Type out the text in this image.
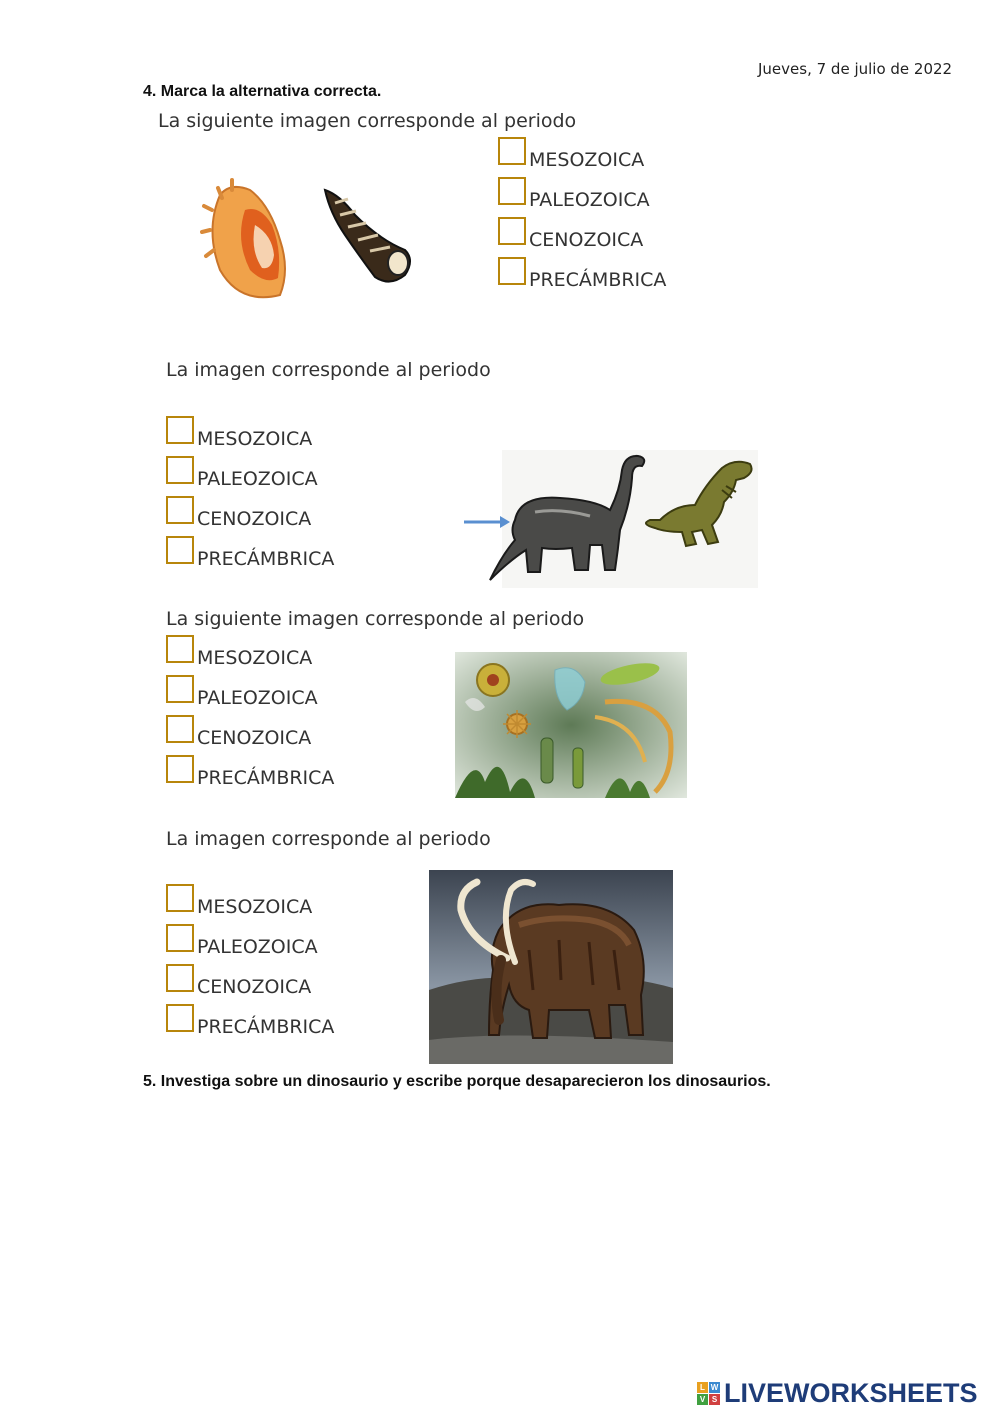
Jueves, 7 de julio de 2022
4. Marca la alternativa correcta.
La siguiente imagen corresponde al periodo
MESOZOICA
PALEOZOICA
CENOZOICA
PRECÁMBRICA
La imagen corresponde al periodo
MESOZOICA
PALEOZOICA
CENOZOICA
PRECÁMBRICA
La siguiente imagen corresponde al periodo
MESOZOICA
PALEOZOICA
CENOZOICA
PRECÁMBRICA
La imagen corresponde al periodo
MESOZOICA
PALEOZOICA
CENOZOICA
PRECÁMBRICA
5. Investiga sobre un dinosaurio y escribe porque desaparecieron los dinosaurios.
L W
V S LIVEWORKSHEETS
